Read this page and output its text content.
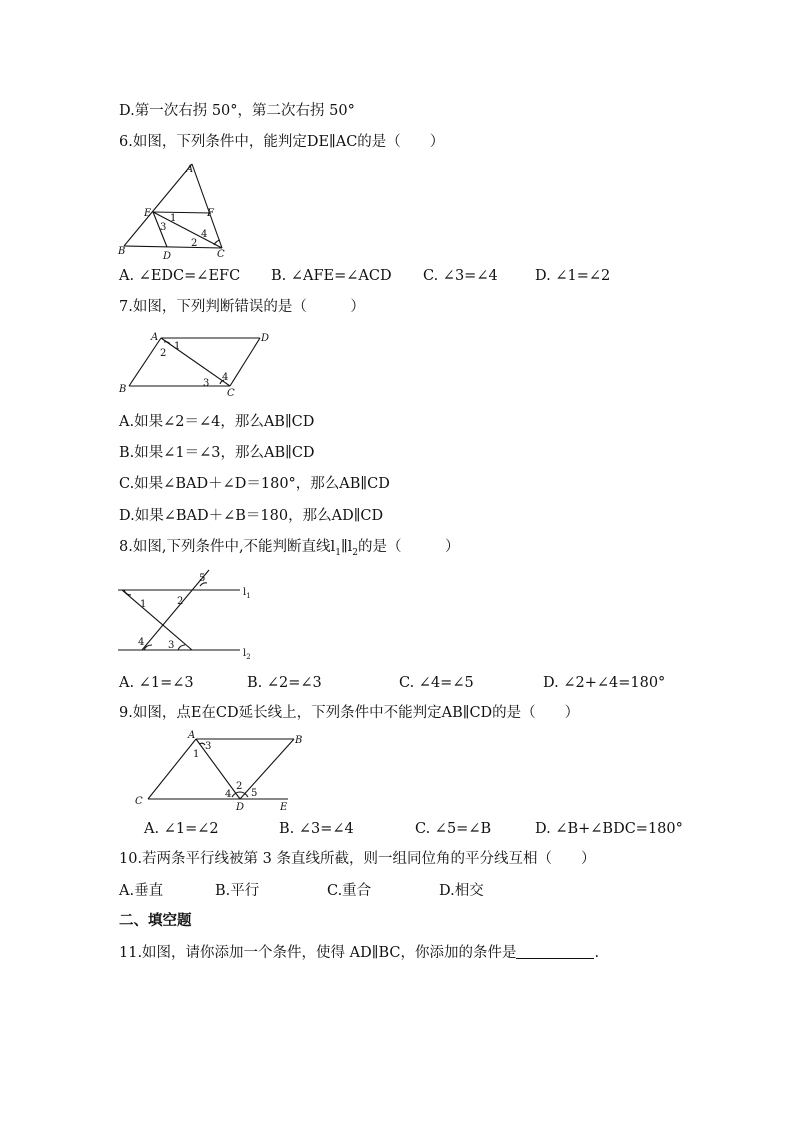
D.第一次右拐 50°，第二次右拐 50°
6.如图，下列条件中，能判定DE∥AC的是（　　）
A
B	C
D
E	F
1
2
3
4
A. ∠EDC=∠EFC B. ∠AFE=∠ACD C. ∠3=∠4	D. ∠1=∠2
7.如图，下列判断错误的是（　　　）
A
B	C
D
1
2
3
4
A.如果∠2＝∠4，那么AB∥CD
B.如果∠1＝∠3，那么AB∥CD
C.如果∠BAD＋∠D＝180°，那么AB∥CD
D.如果∠BAD＋∠B＝180，那么AD∥CD
8.如图,下列条件中,不能判断直线$l_1\parallel l_2$的是（　　　）
5
1	2
4 3
$l_1$
$l_2$
A. ∠1=∠3	B. ∠2=∠3	C. ∠4=∠5	D. ∠2+∠4=180°
9.如图，点E在CD延长线上，下列条件中不能判定AB∥CD的是（　　）
A	B
C
D	E
1
2
3
4 5
A. ∠1=∠2	B. ∠3=∠4	C. ∠5=∠B	D. ∠B+∠BDC=180°
10.若两条平行线被第 3 条直线所截，则一组同位角的平分线互相（　　）
A.垂直	B.平行	C.重合	D.相交
二、填空题
11.如图，请你添加一个条件，使得 AD∥BC，你添加的条件是	.
